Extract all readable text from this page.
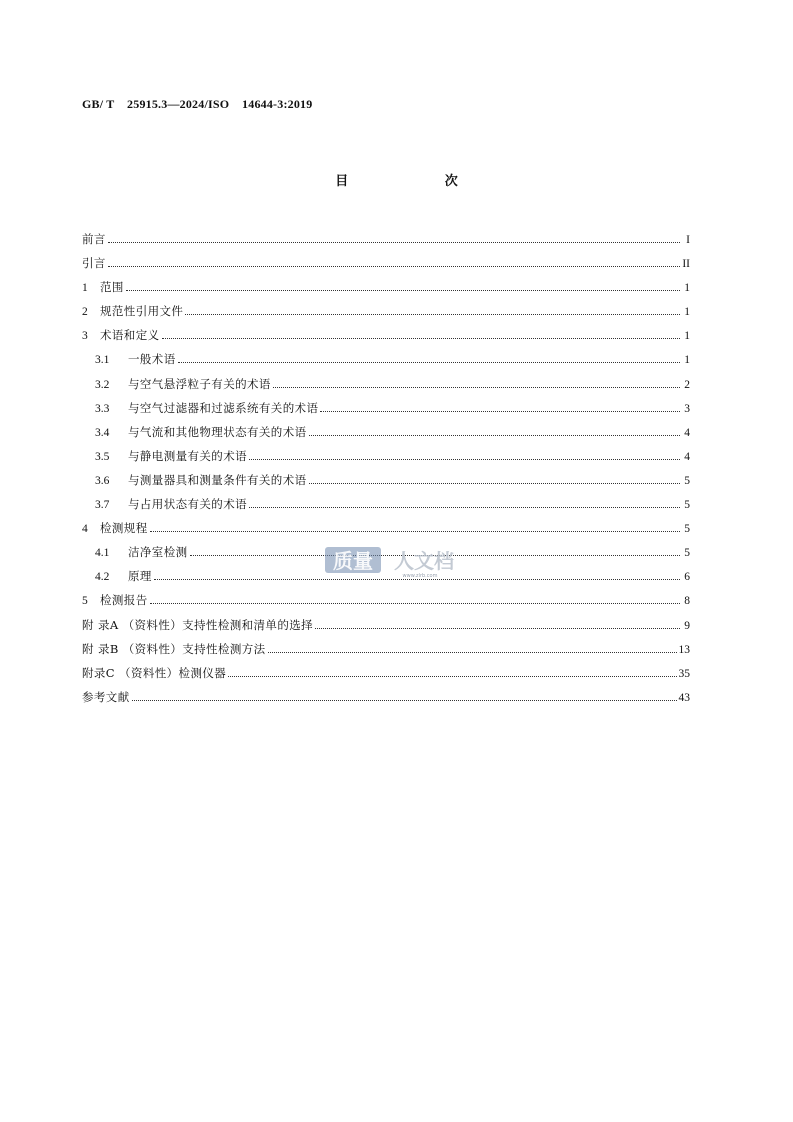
GB/ T    25915.3—2024/ISO    14644-3:2019
目 次
前言	I
引言	II
1	范围	1
2	规范性引用文件	1
3	术语和定义	1
3.1	一般术语	1
3.2	与空气悬浮粒子有关的术语	2
3.3	与空气过滤器和过滤系统有关的术语	3
3.4	与气流和其他物理状态有关的术语	4
3.5	与静电测量有关的术语	4
3.6	与测量器具和测量条件有关的术语	5
3.7	与占用状态有关的术语	5
4	检测规程	5
4.1	洁净室检测	5
4.2	原理	6
5	检测报告	8
附 录A （资料性）支持性检测和清单的选择	9
附 录B （资料性）支持性检测方法	13
附录C （资料性）检测仪器	35
参考文献	43
质量 人文档
www.zlrb.com
